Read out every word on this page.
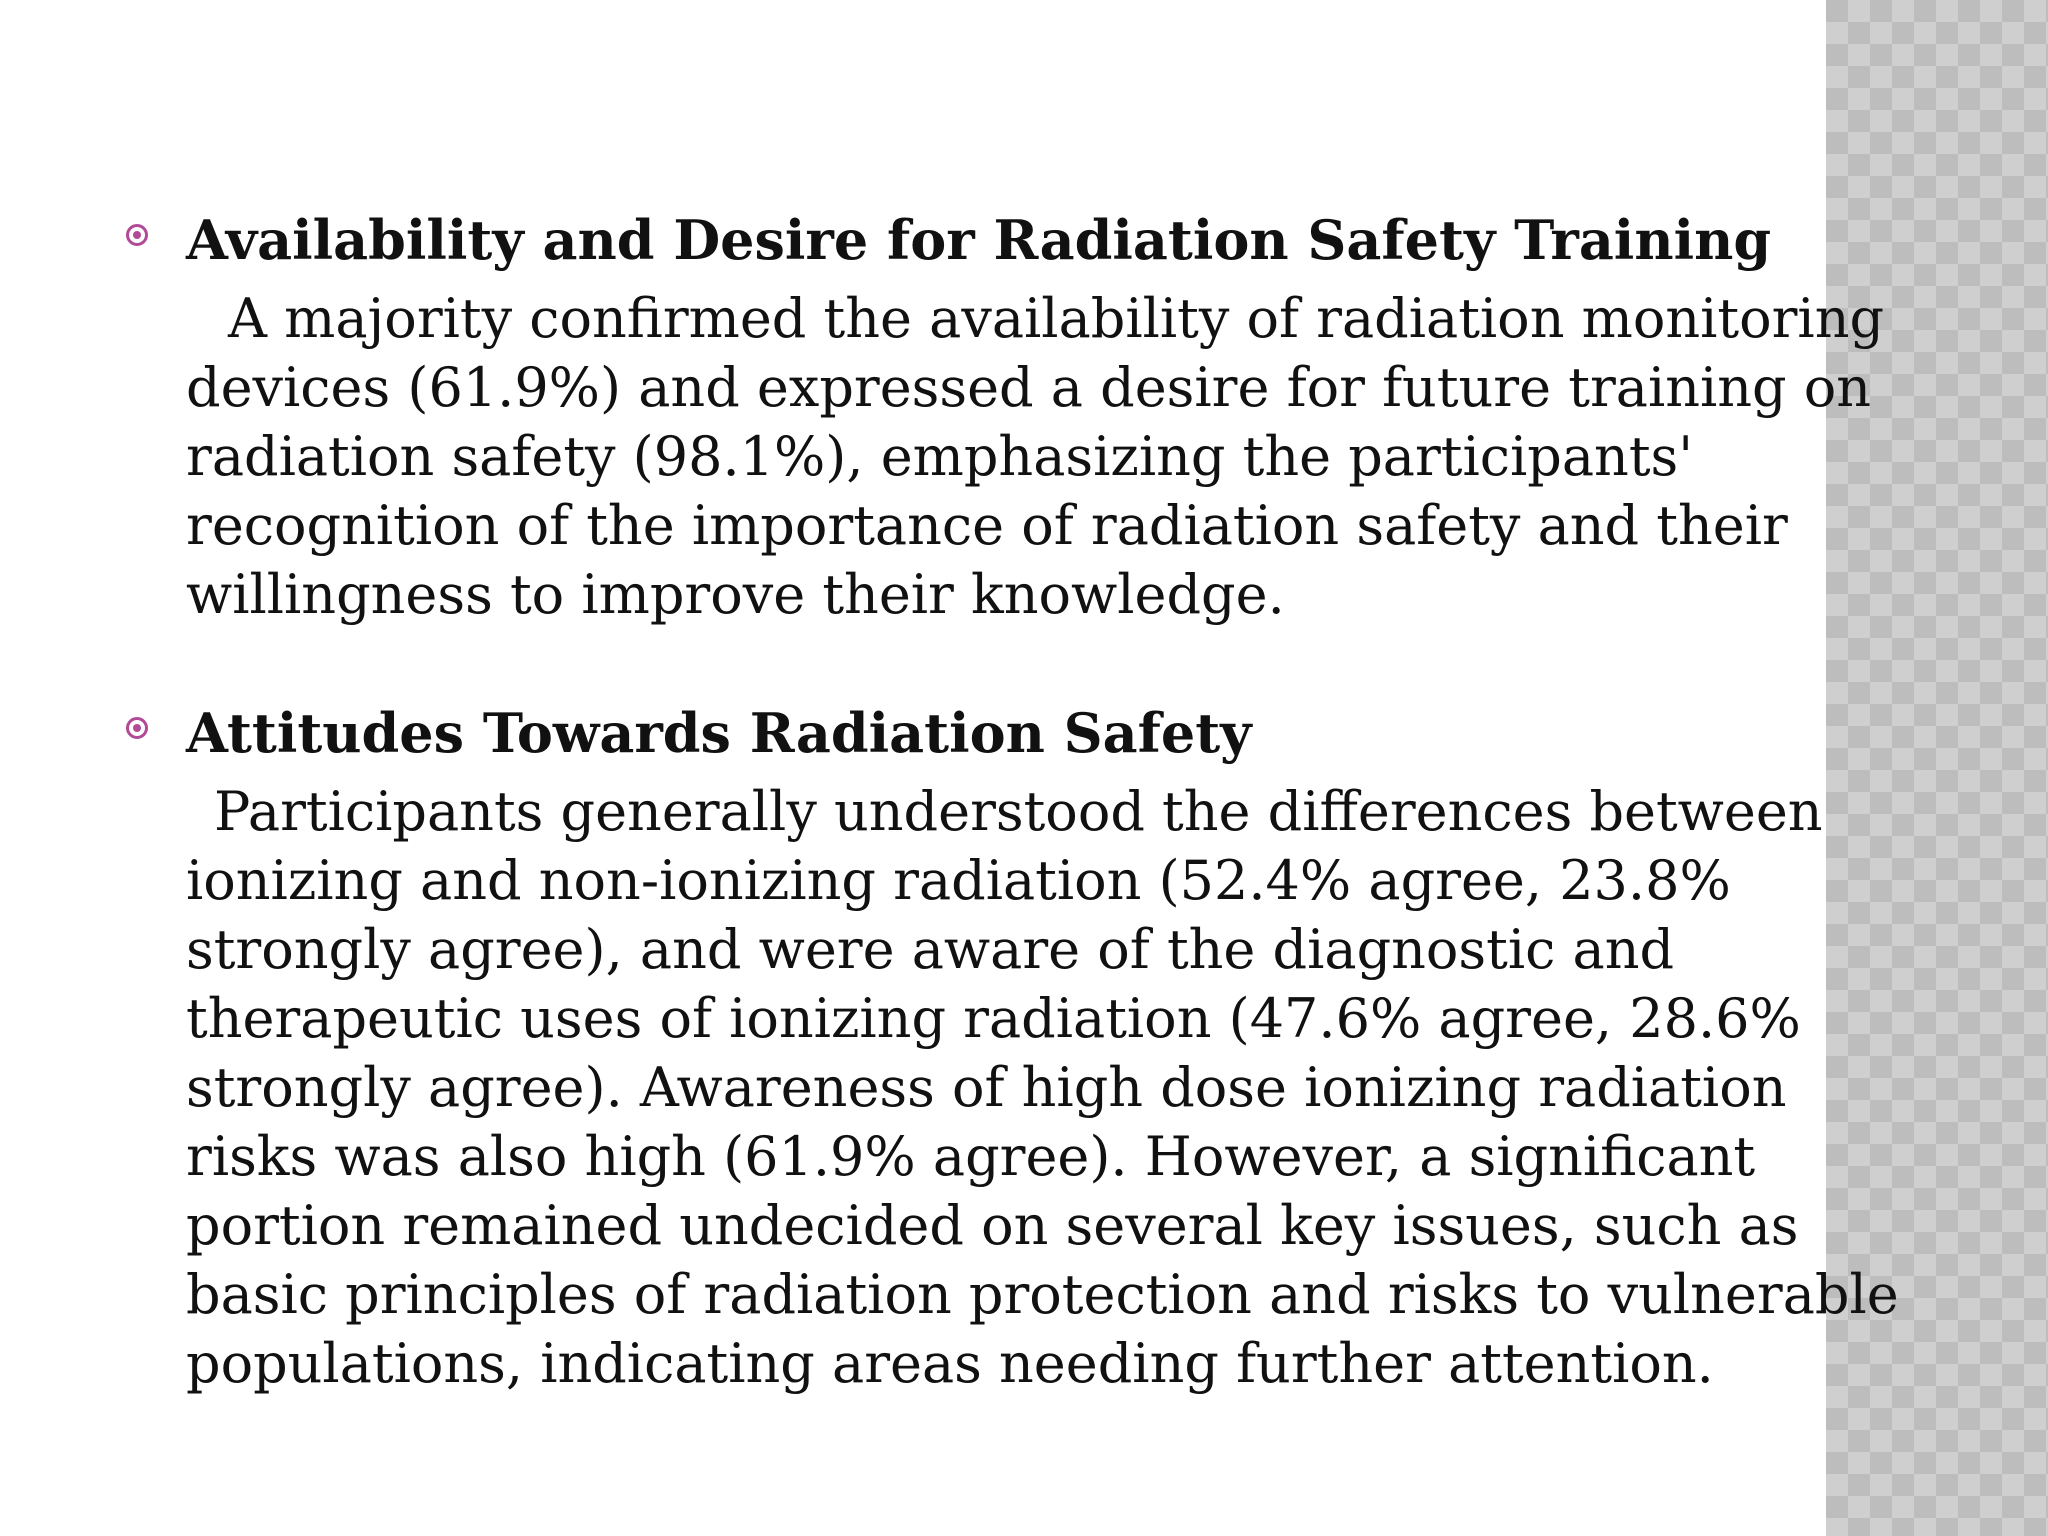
Availability and Desire for Radiation Safety Training
A majority confirmed the availability of radiation monitoring devices (61.9%) and expressed a desire for future training on radiation safety (98.1%), emphasizing the participants' recognition of the importance of radiation safety and their willingness to improve their knowledge.
Attitudes Towards Radiation Safety
Participants generally understood the differences between ionizing and non-ionizing radiation (52.4% agree, 23.8% strongly agree), and were aware of the diagnostic and therapeutic uses of ionizing radiation (47.6% agree, 28.6% strongly agree). Awareness of high dose ionizing radiation risks was also high (61.9% agree). However, a significant portion remained undecided on several key issues, such as basic principles of radiation protection and risks to vulnerable populations, indicating areas needing further attention.
